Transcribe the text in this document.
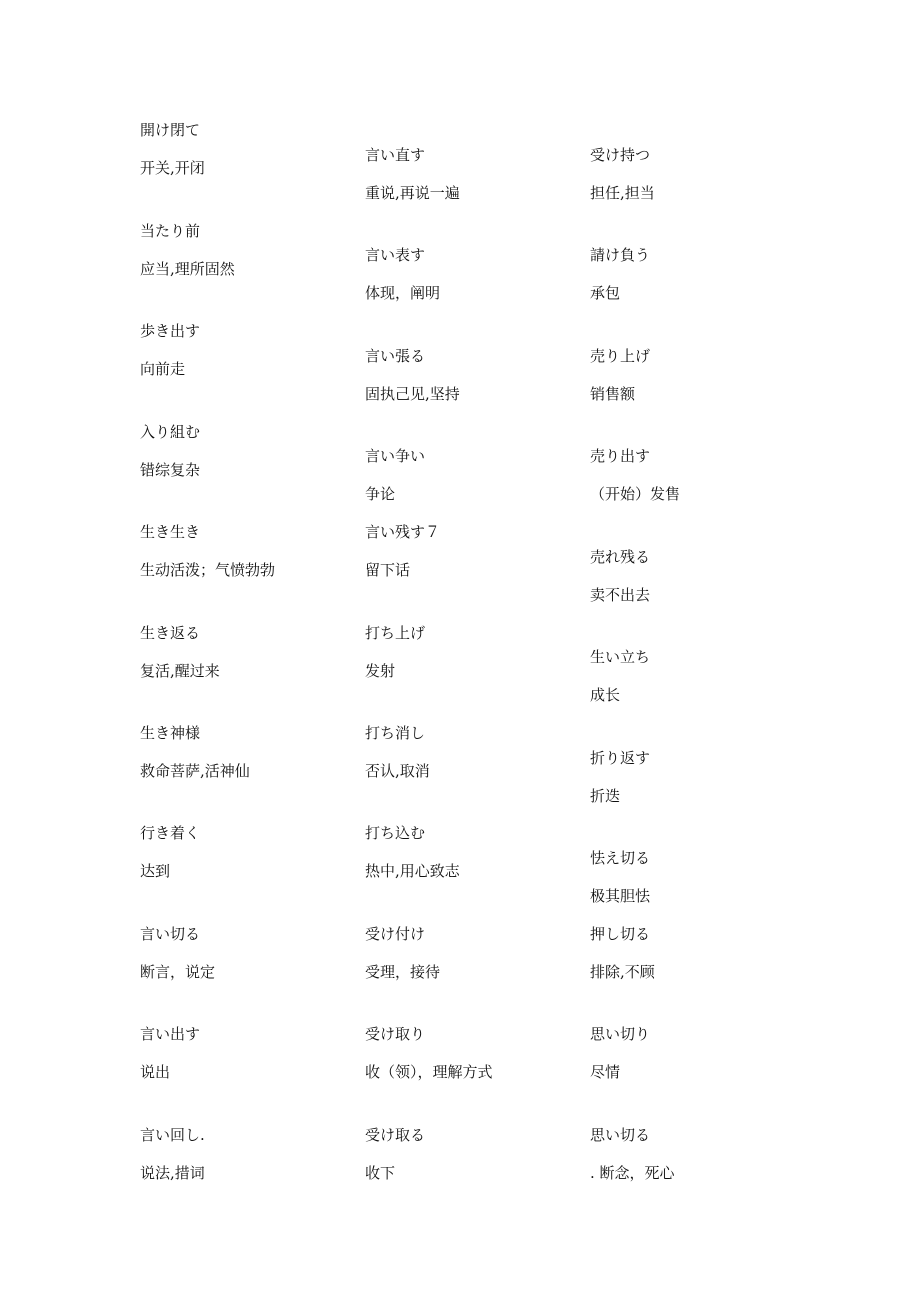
開け閉て
开关,开闭
当たり前
应当,理所固然
歩き出す
向前走
入り組む
错综复杂
生き生き
生动活泼；气愤勃勃
生き返る
复活,醒过来
生き神様
救命菩萨,活神仙
行き着く
达到
言い切る
断言，说定
言い出す
说出
言い回し.
说法,措词
言い直す
重说,再说一遍
言い表す
体现，阐明
言い張る
固执己见,坚持
言い争い
争论
言い残す７
留下话
打ち上げ
发射
打ち消し
否认,取消
打ち込む
热中,用心致志
受け付け
受理，接待
受け取り
收（领），理解方式
受け取る
收下
受け持つ
担任,担当
請け負う
承包
売り上げ
销售额
売り出す
（开始）发售
売れ残る
卖不出去
生い立ち
成长
折り返す
折迭
怯え切る
极其胆怯
押し切る
排除,不顾
思い切り
尽情
思い切る
. 断念，死心
